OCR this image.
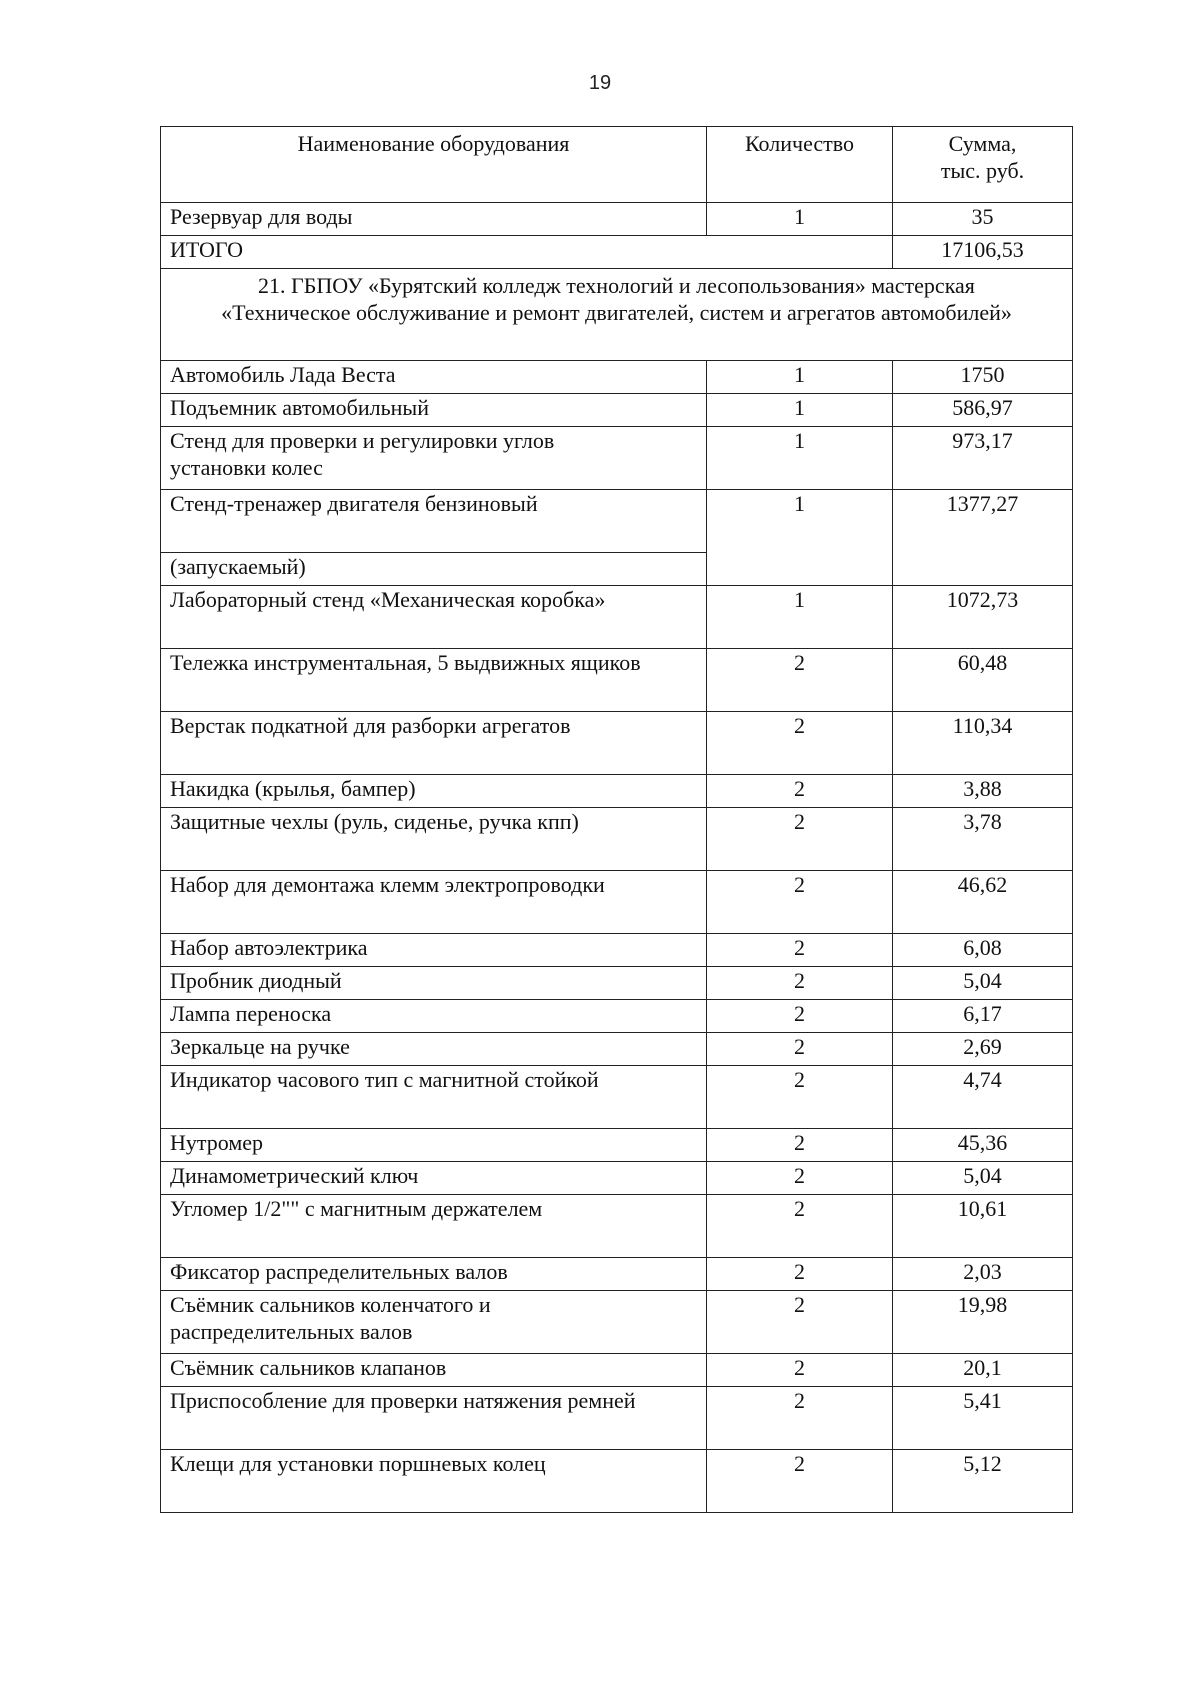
19
Наименование оборудования	Количество	Сумма,
тыс. руб.

Резервуар для воды	1	35
ИТОГО		17106,53

21. ГБПОУ «Бурятский колледж технологий и лесопользования» мастерская
«Техническое обслуживание и ремонт двигателей, систем и агрегатов автомобилей»		

Автомобиль Лада Веста	1	1750
Подъемник автомобильный	1	586,97

Стенд для проверки и регулировки углов
установки колес	1	973,17
Стенд-тренажер двигателя бензиновый	1	1377,27
(запускаемый)		
Лабораторный стенд «Механическая коробка»	1	1072,73
Тележка инструментальная, 5 выдвижных ящиков	2	60,48
Верстак подкатной для разборки агрегатов	2	110,34
Накидка (крылья, бампер)	2	3,88
Защитные чехлы (руль, сиденье, ручка кпп)	2	3,78
Набор для демонтажа клемм электропроводки	2	46,62
Набор автоэлектрика	2	6,08
Пробник диодный	2	5,04
Лампа переноска	2	6,17
Зеркальце на ручке	2	2,69
Индикатор часового тип с магнитной стойкой	2	4,74
Нутромер	2	45,36
Динамометрический ключ	2	5,04
Угломер 1/2"" с магнитным держателем	2	10,61
Фиксатор распределительных валов	2	2,03

Съёмник сальников коленчатого и
распределительных валов	2	19,98
Съёмник сальников клапанов	2	20,1
Приспособление для проверки натяжения ремней	2	5,41
Клещи для установки поршневых колец	2	5,12
